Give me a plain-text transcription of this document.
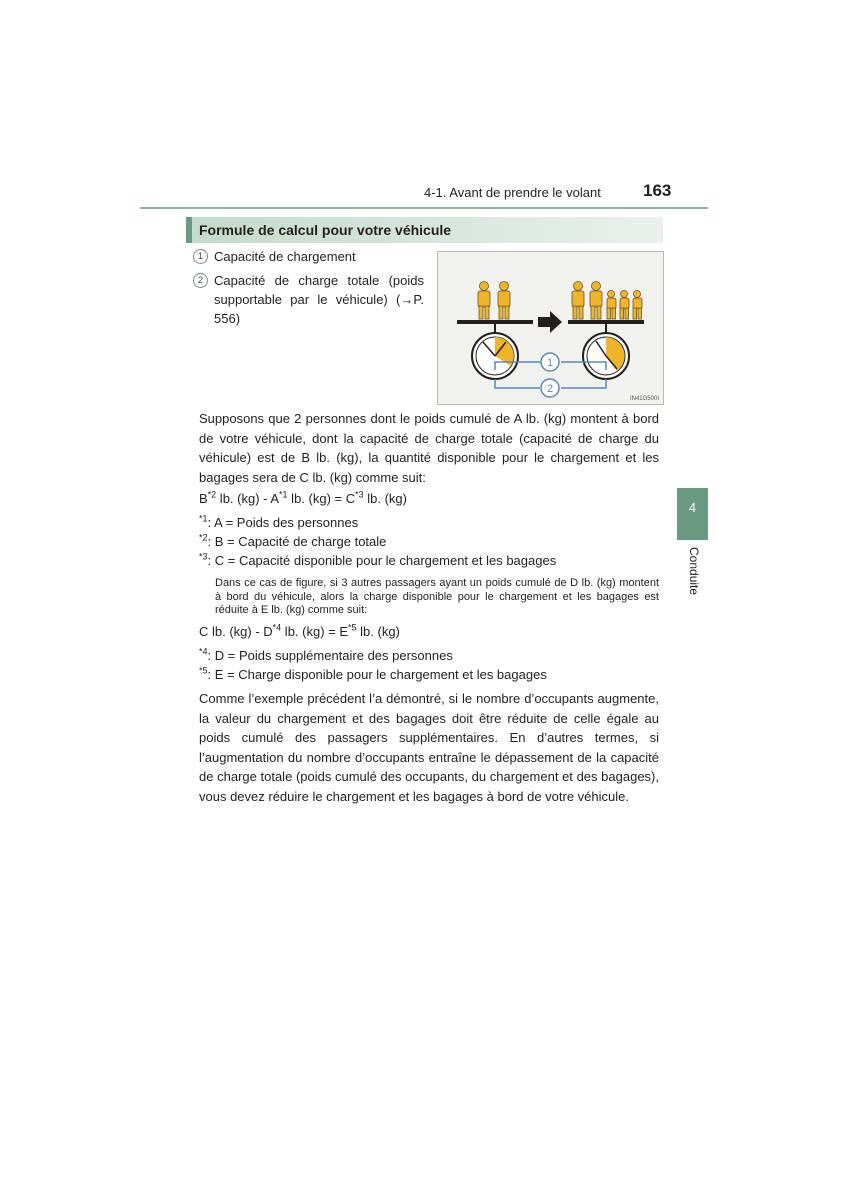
4-1. Avant de prendre le volant 163
4
Conduite
Formule de calcul pour votre véhicule
1 Capacité de chargement
2 Capacité de charge totale (poids supportable par le véhicule) (→P. 556)
1
2
IN41G500I
Supposons que 2 personnes dont le poids cumulé de A lb. (kg) montent à bord de votre véhicule, dont la capacité de charge totale (capacité de charge du véhicule) est de B lb. (kg), la quantité disponible pour le chargement et les bagages sera de C lb. (kg) comme suit:
$B^{*2}$ lb. $(kg) - A^{*1}$ lb. $(kg) = C^{*3}$ lb. (kg)
$^{*1}$: A = Poids des personnes
$^{*2}$: B = Capacité de charge totale
$^{*3}$: C = Capacité disponible pour le chargement et les bagages
Dans ce cas de figure, si 3 autres passagers ayant un poids cumulé de D lb. (kg) montent à bord du véhicule, alors la charge disponible pour le chargement et les bagages est réduite à E lb. (kg) comme suit:
C lb. $(kg) - D^{*4}$ lb. $(kg) = E^{*5}$ lb. (kg)
$^{*4}$: D = Poids supplémentaire des personnes
$^{*5}$: E = Charge disponible pour le chargement et les bagages
Comme l’exemple précédent l’a démontré, si le nombre d’occupants augmente, la valeur du chargement et des bagages doit être réduite de celle égale au poids cumulé des passagers supplémentaires. En d’autres termes, si l’augmentation du nombre d’occupants entraîne le dépassement de la capacité de charge totale (poids cumulé des occupants, du chargement et des bagages), vous devez réduire le chargement et les bagages à bord de votre véhicule.
